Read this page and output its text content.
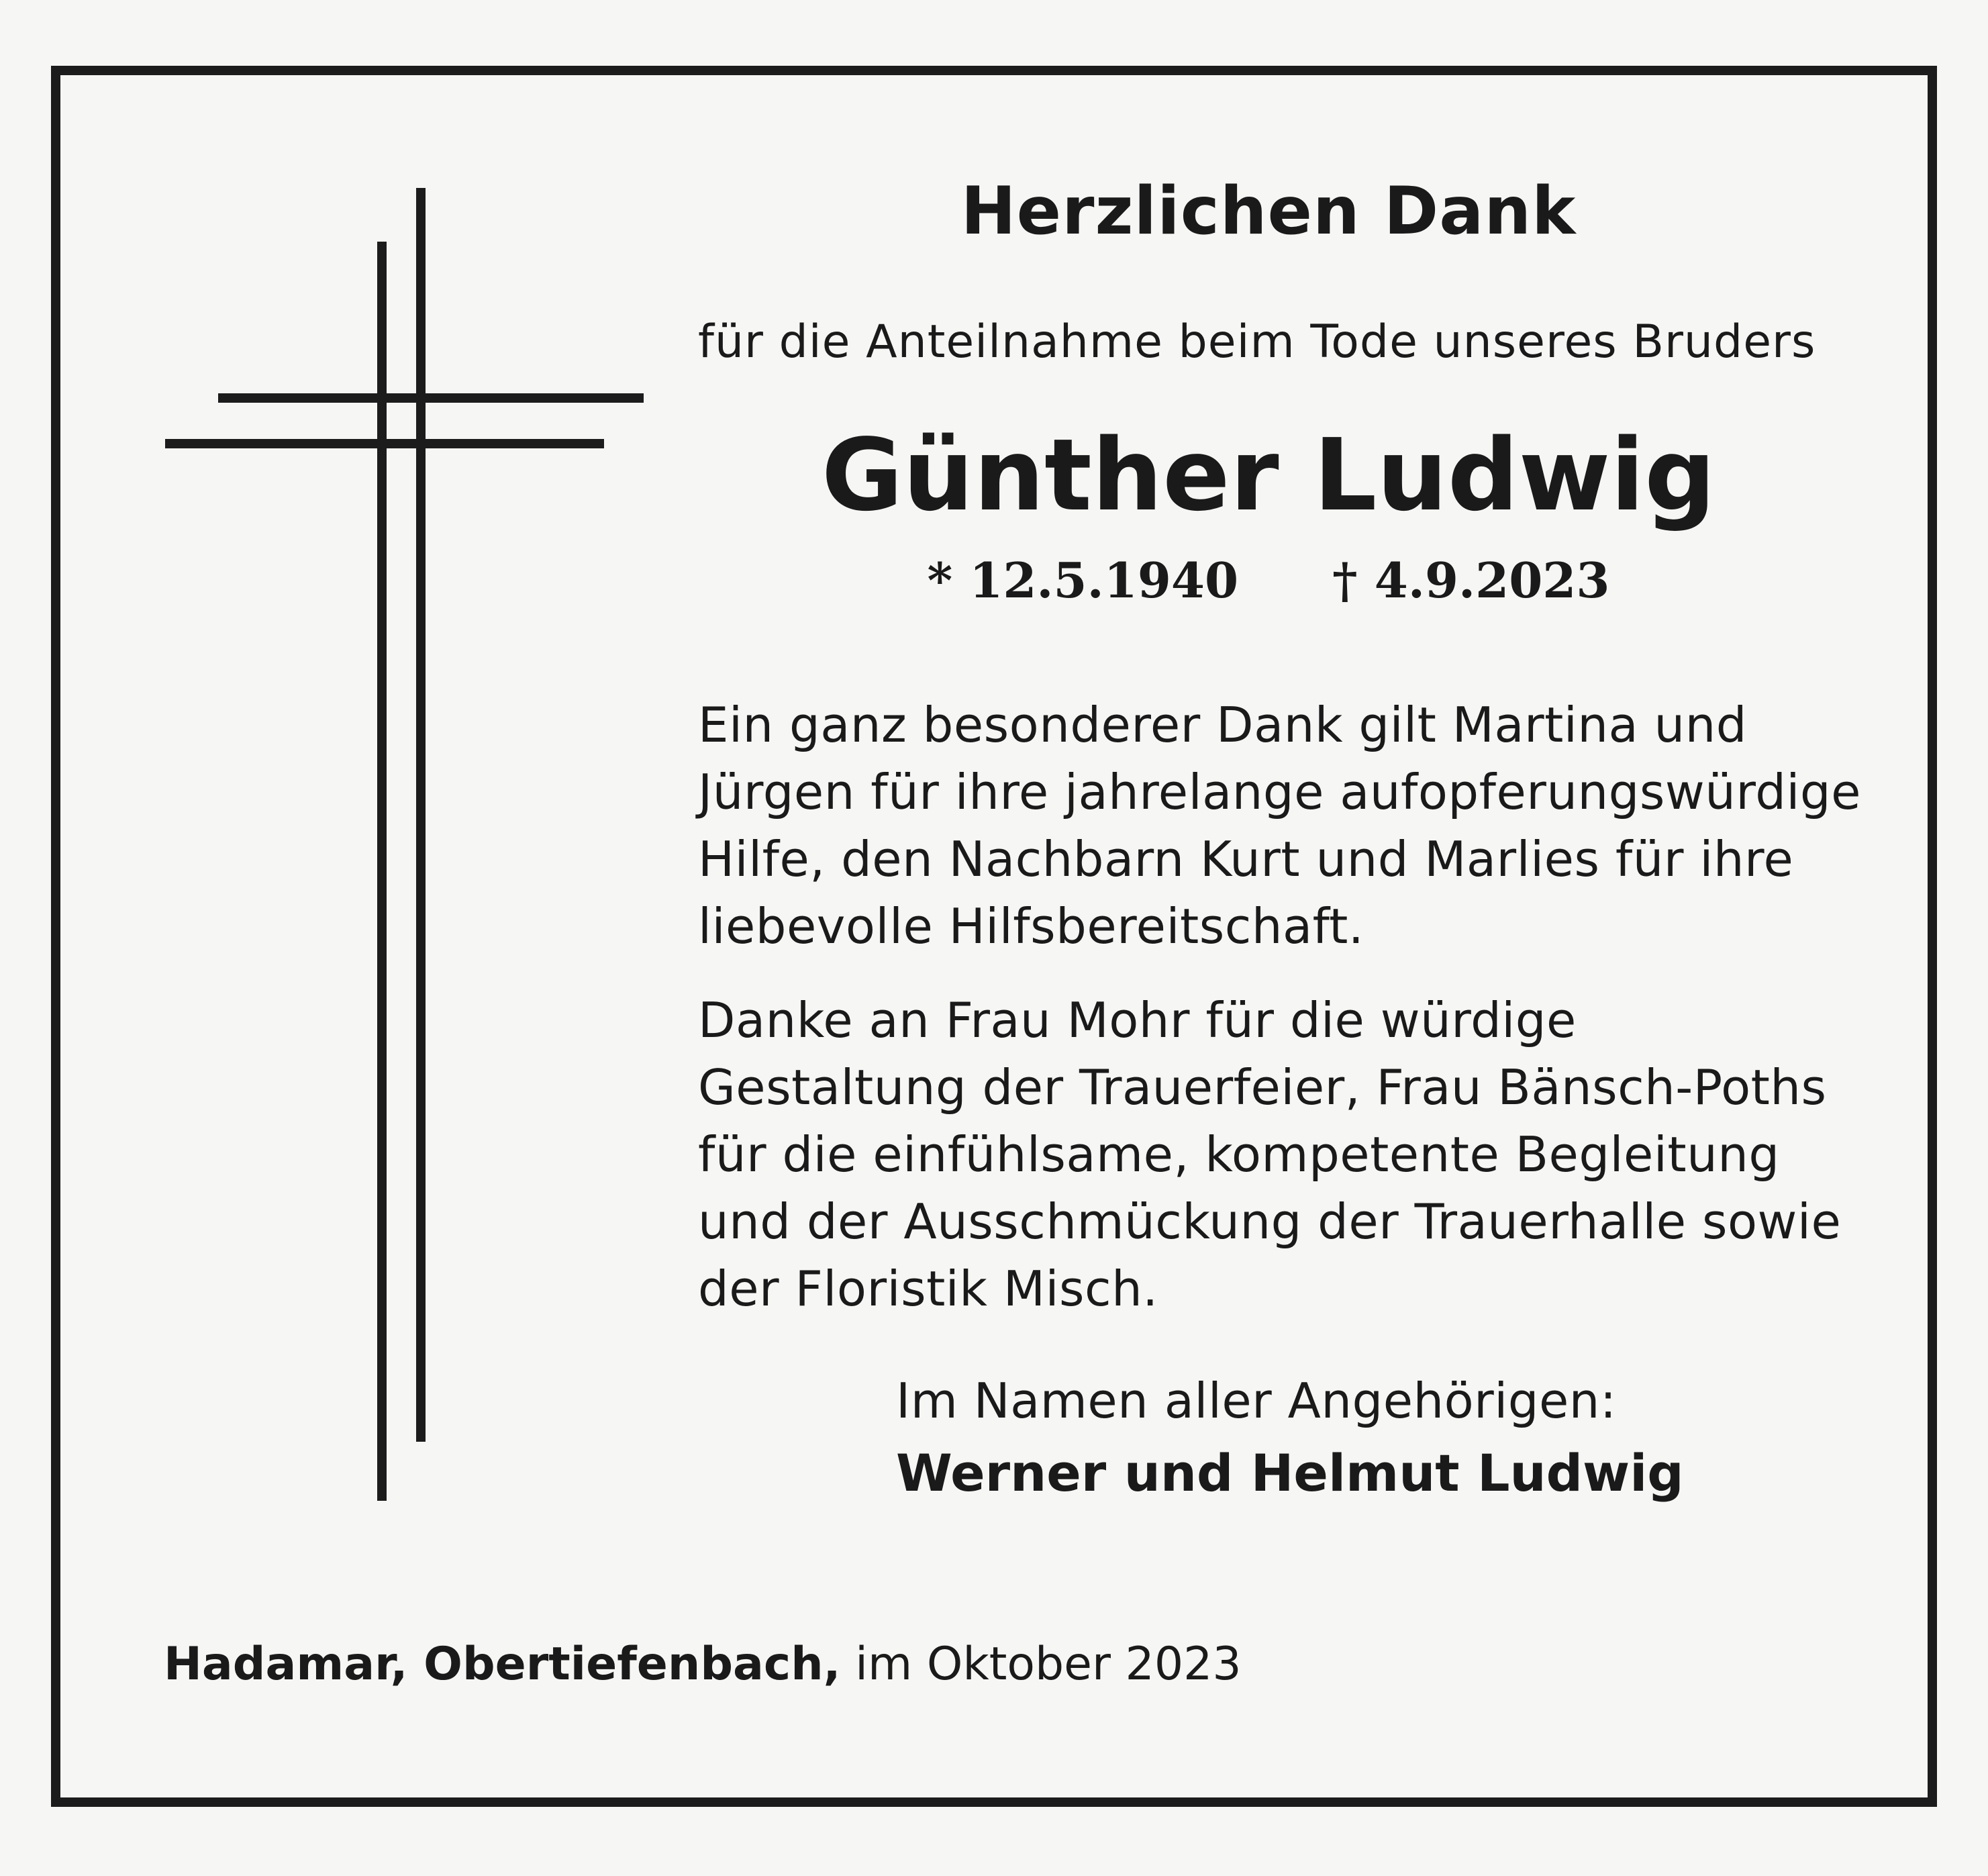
Herzlichen Dank
für die Anteilnahme beim Tode unseres Bruders
Günther Ludwig
* 12.5.1940 † 4.9.2023
Ein ganz besonderer Dank gilt Martina und
Jürgen für ihre jahrelange aufopferungswürdige
Hilfe, den Nachbarn Kurt und Marlies für ihre
liebevolle Hilfsbereitschaft.
Danke an Frau Mohr für die würdige
Gestaltung der Trauerfeier, Frau Bänsch-Poths
für die einfühlsame, kompetente Begleitung
und der Ausschmückung der Trauerhalle sowie
der Floristik Misch.
Im Namen aller Angehörigen:
Werner und Helmut Ludwig
Hadamar, Obertiefenbach, im Oktober 2023
